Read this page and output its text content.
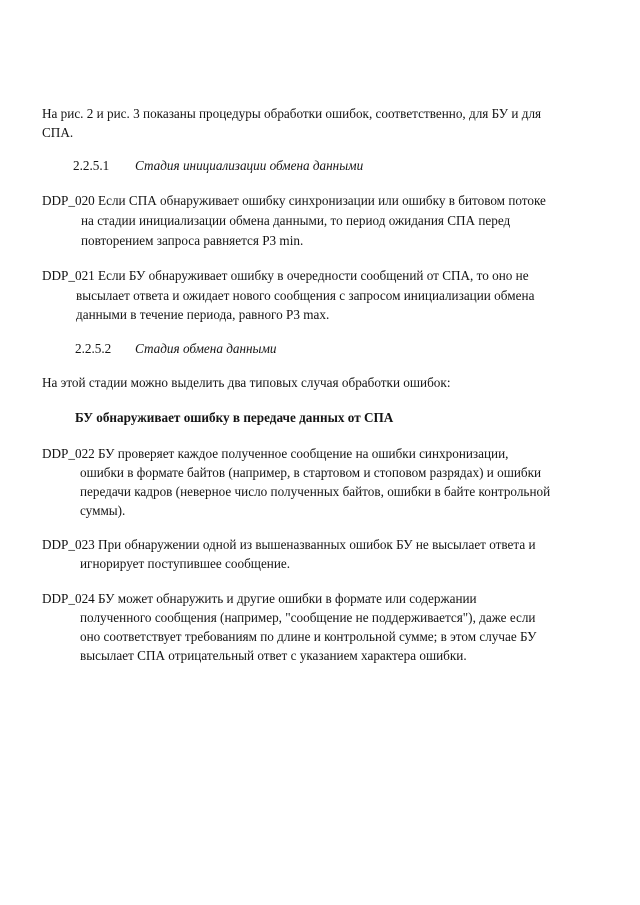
На рис. 2 и рис. 3 показаны процедуры обработки ошибок, соответственно, для БУ и для
СПА.
2.2.5.1 Стадия инициализации обмена данными
DDP_020 Если СПА обнаруживает ошибку синхронизации или ошибку в битовом потоке
на стадии инициализации обмена данными, то период ожидания СПА перед
повторением запроса равняется P3 min.
DDP_021 Если БУ обнаруживает ошибку в очередности сообщений от СПА, то оно не
высылает ответа и ожидает нового сообщения с запросом инициализации обмена
данными в течение периода, равного P3 max.
2.2.5.2 Стадия обмена данными
На этой стадии можно выделить два типовых случая обработки ошибок:
БУ обнаруживает ошибку в передаче данных от СПА
DDP_022 БУ проверяет каждое полученное сообщение на ошибки синхронизации,
ошибки в формате байтов (например, в стартовом и стоповом разрядах) и ошибки
передачи кадров (неверное число полученных байтов, ошибки в байте контрольной
суммы).
DDP_023 При обнаружении одной из вышеназванных ошибок БУ не высылает ответа и
игнорирует поступившее сообщение.
DDP_024 БУ может обнаружить и другие ошибки в формате или содержании
полученного сообщения (например, "сообщение не поддерживается"), даже если
оно соответствует требованиям по длине и контрольной сумме; в этом случае БУ
высылает СПА отрицательный ответ с указанием характера ошибки.
